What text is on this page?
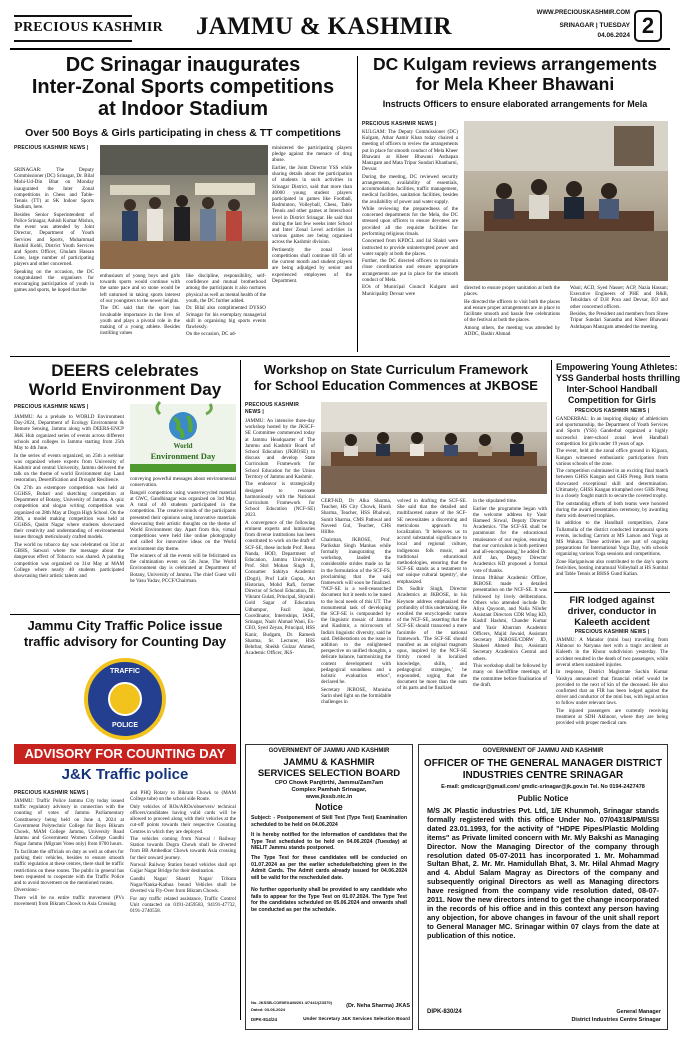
PRECIOUS KASHMIR JAMMU & KASHMIR	WWW.PRECIOUSKASHMIR.COM
SRINAGAR | TUESDAY
04.06.2024 2
DC Srinagar inaugurates
Inter-Zonal Sports competitions
at Indoor Stadium
Over 500 Boys & Girls participating in chess & TT competitions
PRECIOUS KASHMIR NEWS |

SRINAGAR: The Deputy Commissioner (DC) Srinagar, Dr. Bilal Mohi-Ud-Din Bhat on Monday inaugurated the Inter Zonal competitions in Chess and Table-Tennis (TT) at SK Indoor Sports Stadium, here.

Besides Senior Superintendent of Police Srinagar, Ashish Kumar Mishra, the event was attended by Joint Director, Department of Youth Services and Sports, Muhammad Rashid Kohli, District Youth Services and Sports Officer, Ghulam Hassan Lone, large number of participating players and other concerned.

Speaking on the occasion, the DC congratulated the organisers for encouraging participation of youth in games and sports, he hoped that the

enthusiasm of young boys and girls towards sports would continue with the same pace and so stone would be left unturned in taking sports interest of our youngsters to the newer heights.

The DC said that the sport has invaluable importance in the lives of youth and plays a pivotal role in the making of a young athlete. Besides instilling values

like discipline, responsibility, self-confidence and mutual brotherhood among the participants it also nurtures physical as well as mental health of the youth, the DC further added.

Dr. Bilal also complimented DYSSO Srinagar for his exemplary managerial skill in organising big sports events flawlessly.

On the occasion, DC ad-

ministered the participating players pledge against the menace of drug abuse.

Earlier, the Joint Director YSS while sharing details about the participation of students in such activities in Srinagar District, said that more than 40000 young student players participated in games like Football, Badminton, Volleyball, Chess, Table Tennis and other games at Interschool level in District Srinagar. He said that during the last few weeks inter School and Inter Zonal Level activities in various games are being organised across the Kashmir division.

Pertinently the zonal level competitions shall continue till 5th of the current month and student players are being adjudged by senior and experienced employees of the Department.

DC Kulgam reviews arrangements
for Mela Kheer Bhawani
Instructs Officers to ensure elaborated arrangements for Mela
PRECIOUS KASHMIR NEWS |

KULGAM: The Deputy Commissioner (DC) Kulgam, Athar Aamir Khan today chaired a meeting of officers to review the arrangements put in place for smooth conduct of Mela Kheer Bhawani at Kheer Bhawani Asthapan Manzgam and Mata Tripur Sundari Khanbarni, Devsar.

During the meeting, DC reviewed security arrangements, availability of essentials, accommodation facilities, traffic management, medical facilities, sanitation facilities, besides the availability of power and water supply.

While reviewing the preparedness of the concerned departments for the Mela, the DC stressed upon officers to ensure devotees are provided all the requisite facilities for performing religious rituals.

Concerned from KPDCL and Jal Shakti were instructed to provide uninterrupted power and water supply at both the places.

Further, the DC directed officers to maintain close coordination and ensure appropriate arrangements are put in place for the smooth conduct of Mela.

EOs of Municipal Council Kulgam and Municipality Devsar were

directed to ensure proper sanitation at both the places.

He directed the officers to visit both the places and ensure proper arrangements are in place to facilitate smooth and hassle free celebrations of the festival at both the places.

Among others, the meeting was attended by ADDC, Bashir Ahmad

Wani; ACD, Syed Nasser; ACP, Nazia Hassan; Executive Engineers of PHE and R&B, Tehsildars of D.H Pora and Devsar, EO and other concerned officers.

Besides, the President and members from Shree Tripur Sundari Sanastha and Kheer Bhawani Ashthapan Manzgam attended the meeting.

DEERS celebrates
World Environment Day
PRECIOUS KASHMIR NEWS |

JAMMU: As a prelude to WORLD Environment Day-2024, Department of Ecology Environment & Remote Sensing, Jammu along with DEERS-ENCP J&K Hub organized series of events across different schools and colleges in Jammu starting from 25th May to 4th June.

In the series of events organized, on 25th a webinar was organized where experts from University of Kashmir and central University, Jammu delivered the talk on the theme of world Environment day Land restoration, Desertification and Drought Resilience.

On 27th an extempore competition was held at GGHSS, Bohari and sketching competition at Department of Botany, University of Jammu. A quiz competition and slogan writing competition was organized on 28th May at Dogra High School. On the 29th, a model making competition was held at GGHSS, Qasim Nagar where students showcased their creativity and understanding of environmental issues through meticulously crafted models.

The world no tobacco day was celebrated on 31st at GBHS, Satwari where the message about the dangerous effect of Tobacco was shared. A painting competition was organized on 31st May at MAM College where nearly 40 students participated showcasing their artistic talents and

World
Environment Day

conveying powerful messages about environmental conservation.

Rangoli competition using waste/recycled material at GWC, Gandhinagar was organized on 3rd May. A total of 40 students participated in the competition. The creative minds of the participants presented their opinions using innovative materials showcasing their artistic thoughts on the theme of World Environment day. Apart from this, virtual competitions were held like online photography and called for innovative ideas on the World environment day theme.

The winners of all the events will be felicitated on the culmination event on 5th June, The World Environment day is celebrated at Department of Botany, University of Jammu. The chief Guest will be Vasu Yadav, PCCF/Chairman.

Jammu City Traffic Police issue
traffic advisory for Counting Day
TRAFFIC
POLICE
ADVISORY FOR COUNTING DAY
J&K Traffic police
PRECIOUS KASHMIR NEWS |

JAMMU: Traffic Police Jammu City today issued traffic regulatory advisory in connection with the counting of votes of Jammu Parliamentary Constituency being held on June 4, 2024 at Government Polytechnic College for Boys Bikram Chowk, MAM College Jammu, University Road Jammu and Government Women College Gandhi Nagar Jammu (Migrant Votes only) from 0700 hours.

To facilitate the officials on duty as well as others for parking their vehicles, besides to ensure smooth traffic regulation at these centres, there shall be traffic restrictions on these routes. The public in general has been requested to cooperate with the Traffic Police and to avoid movement on the mentioned routes.

Diversions:-

There will be no entire traffic movement (PVs movement) from Bikram Chowk to Asia Crossing

and PHQ Rotary to Bikram Chowk to (MAM College tube) on the school side Route.

Only vehicles of ROs/AROs/observers/ technical officers/candidates having valid cards will be allowed to proceed along with their vehicles at the cut-off points towards their respective Counting Centres in which they are deployed.

The vehicles coming from Narwal / Railway Station towards Dogra Chowk shall be diverted from BB Ambedkar Chowk towards Asia crossing for their onward journey.

Narwal/ Railway Station bound vehicles shall opt Gujjar Nagar Bridge for their destination.

Gandhi Nagar/ Shastri Nagar/ Trikuta Nagar/Nanka-Kathua bound Vehicles shall be diverted via Fly-Over from Bikram Chowk.

For any traffic related assistance, Traffic Control Unit contacted on 0191-2459583, 94191-47732, 0191-2740558.

Workshop on State Curriculum Framework
for School Education Commences at JKBOSE
PRECIOUS KASHMIR NEWS |

JAMMU: An intensive three-day workshop hosted by the JKSCF-SE Committee commenced today at Jammu Headquarter of The Jammu and Kashmir Board of School Education (JKBOSE) to discuss and develop State Curriculum Framework for School Education for the Union Territory of Jammu and Kashmir.

The endeavor is strategically designed to resonate harmoniously with the National Curriculum Framework for School Education (NCF-SE) 2023.

A convergence of the following eminent experts and luminaries from diverse institutions has been constituted to work on the draft of SCF-SE, these include Prof. Renu Nanda, HOD, Department of Education, Jammu University, Prof. Shri Mohan Singh Ji, Consumer Sahitya Academic (Dogri), Prof Lalit Gupta, Art Historian, Mohd Rafi, former Director of School Education, Dr. Vikram Gulati, Principal, Shyamli Gold Sagar of Education Udhampur, Fazil Iqbal, Coordinator, Internships, IASE, Srinagar, Nazir Ahmad Wani, Ex-CEO, Syed Zeyan, Principal, HSS Kanir, Budgam, Dr. Ramesh Sharma, Sr. Lecturer, HSS Behrbar, Sheikh Gulzar Ahmed, Academic Officer, JKS-

CERT-KD, Dr Alka Sharma, Teacher, HS City Chowk, Harsh Sharma, Teacher, HSS Bhalwal, Sumit Sharma, CMS Pathwal and Naveed Gul, Teacher, CHS Hillbe.

Chairman, JKBOSE, Prof. Parikshat Singh Manhas while formally inaugurating the workshop, lauded the considerable strides made so far in the formulation of the SCF-FS, proclaiming that the said framework will soon be finalized. "NCF-SE is a well-researched document but it needs to be tuned to the local needs of this UT. The monumental task of developing the SCF-SE is compounded by the linguistic mosaic of Jammu and Kashmir, a microcosm of India's linguistic diversity, said he said. Deliberations on the issue in addition to the enlightened perspective on unified thoughts, a delicate balance, harmonizing the content development with pedagogical soundness and a holistic evaluation ethos", declared he.

Secretary JKBOSE, Munisha Sarin shed light on the formidable challenges in

volved in drafting the SCF-SE. She said that the detailed and multifaceted nature of the SCF-SE necessitates a discerning and meticulous approach to localization. 'It behooves us to accord substantial significance to local and regional culture, indigenous folk music, and traditional educational methodologies, ensuring that the SCF-SE stands as a testament to our unique cultural tapestry', she emphasized.

Dr. Sudhir Singh, Director Academics at JKBOSE, in his Keynote address emphasized the profundity of this undertaking. He extolled the encyclopedic nature of the NCF-SE, asserting that the SCF-SE should transcend a mere facsimile of the national framework. 'The SCF-SE should manifest as an original magnum opus, inspired by the NCF-SE firmly rooted in localized knowledge, skills, and pedagogical strategies,' he expounded, urging that the document be more than the sum of its parts and be finalized

in the stipulated time.

Earlier the programme began with the welcome address by Yasir Hameed Sirwal, Deputy Director Academics. 'The SCF-SE shall be paramount for the educational renaissance of our region, ensuring that our curriculum is both pertinent and all-encompassing,' he added Dr. Arif Jan, Deputy Director Academics KD proposed a formal vote of thanks.

Imran Iftikhar Academic Officer, JKBOSE made a detailed presentation on the NCF-SE. It was followed by lively deliberations. Others who attended include Dr. Aliya Qayoom, and Nalia Nilofer Assistant Directors CDR Wing KD, Kashif Hashmi, Chander Kumar and Yasir Khurram Academic Officers, Majid Jawaid, Assistant Secretary JKBOSE/CDRW JD, Shakeel Ahmed Bur, Assistant Secretary Academics Central and others.

This workshop shall be followed by many on line/offline meetings of the committee before finalisation of the draft.

Empowering Young Athletes:
YSS Ganderbal hosts thrilling
Inter-School Handball
Competition for Girls
PRECIOUS KASHMIR NEWS |

GANDERBAL: In an inspiring display of athleticism and sportsmanship, the Department of Youth Services and Sports (YSS) Ganderbal organized a highly successful inter-school zonal level Handball competition for girls under 19 years of age.

The event, held at the zonal office ground in Kijpara, Kangan witnessed enthusiastic participation from various schools of the zone.

The competition culminated in an exciting final match between GHSS Kangan and GHS Preng. Both teams showcased exceptional skill and determination. Ultimately, GHSS Kangan triumphed over GHS Preng in a closely fought match to secure the coveted trophy.

The outstanding efforts of both teams were honored during the award presentation ceremony, by awarding them with deserved trophies.

In addition to the Handball competition, Zone Tullamulla of the district conducted intramural sports events, including Carrom at MS Larson and Yoga at MS Wakura. These activities are part of ongoing preparations for International Yoga Day, with schools organizing various Yoga sessions and competitions.

Zone Hariganiwan also contributed to the day's sports festivities, hosting intramural Volleyball at HS Sumbal and Table Tennis at BHSS Gund Kalian.

FIR lodged against
driver, conductor in
Kaleeth accident
PRECIOUS KASHMIR NEWS |

JAMMU: A Matador (mini bus) travelling from Akhnoor to Naryana met with a tragic accident at Kaleeth in the Khour subdivision yesterday. The accident resulted in the death of two passengers, while several others sustained injuries.

In response, District Magistrate Sachin Kumar Vaishya announced that financial relief would be provided to the next of kin of the deceased. He also confirmed that an FIR has been lodged against the driver and conductor of the mini bus, with legal action to follow under relevant laws.

The injured passengers are currently receiving treatment at SDH Akhnoor, where they are being provided with proper medical care.

GOVERNMENT OF JAMMU AND KASHMIR
JAMMU & KASHMIR
SERVICES SELECTION BOARD
CPO Chowk Panjtirthi, Jammu/Zam7am
Complex Pamhah Srinagar,
www.jkssb.nic.in
Notice
Subject: - Postponement of Skill Test (Type Test) Examination scheduled to be held on 04.06.2024
It is hereby notified for the information of candidates that the Type Test scheduled to be held on 04.06.2024 (Tuesday) at NIELIT Jammu stands postponed.
The Type Test for these candidates will be conducted on 01.07.2024 as per the earlier schedule/batching given in the Admit Cards. The Admit cards already issued for 04.06.2024 will be valid for the rescheduled date.
No further opportunity shall be provided to any candidate who fails to appear for the Type Test on 01.07.2024. The Type Test for the candidates scheduled on 05.06.2024 and onwards shall be conducted as per the schedule.
No. JKSSB-COE0EXAM/201 4/7441/(Z3370)
Dated: 03-06-2024
DIPK-814/24
(Dr. Neha Sharma) JKAS
Under Secretary J&K Services Selection Board
GOVERNMENT OF JAMMU AND KASHMIR
OFFICER OF THE GENERAL MANAGER DISTRICT
INDUSTRIES CENTRE SRINAGAR
E-mail: gmdicsgr@gmail.com/ gmdic-srinagar@jk.gov.in Tel. No 0194-2427478
Public Notice
M/S JK Plastic industries Pvt. Ltd, 1/E Khunmoh, Srinagar stands formally registered with this office Under No. 07/04318/PMI/SSI dated 23.01.1993, for the activity of "HDPE Pipes/Plastic Molding items" as Private limited concern with Mr. M/y Bakshi as Managing Director. Now the Managing Director of the company through resolution dated 05-07-2011 has incorporated 1. Mr. Mohammad Sultan Bhat, 2. Mr. Mr. Hamidullah Bhat, 3. Mr. Hilal Ahmad Magry and 4. Abdul Salam Magray as Directors of the company and subsequently original Directors as well as Managing directors have resigned from the company vide resolution dated, 08-07-2011. Now the new directors intend to get the change incorporated in the records of his office and in this context any person having any objection, for above changes in favour of the unit shall report to General Manager MC. Srinagar within 07 clays from the date at publication of this notice.
DIPK-830/24	General Manager
District Industries Centre Srinagar
